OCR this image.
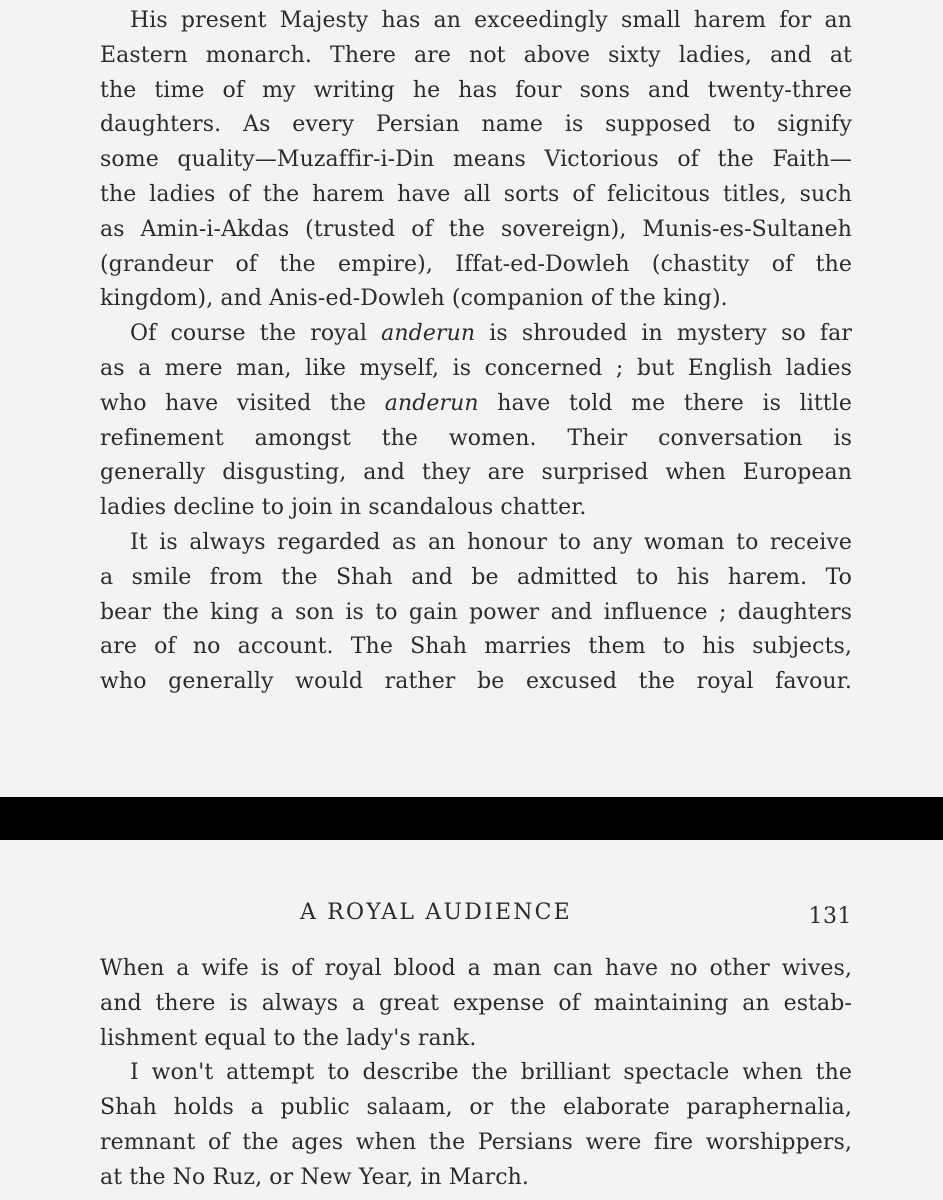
His present Majesty has an exceedingly small harem for an
Eastern monarch. There are not above sixty ladies, and at
the time of my writing he has four sons and twenty-three
daughters. As every Persian name is supposed to signify
some quality—Muzaffir-i-Din means Victorious of the Faith—
the ladies of the harem have all sorts of felicitous titles, such
as Amin-i-Akdas (trusted of the sovereign), Munis-es-Sultaneh
(grandeur of the empire), Iffat-ed-Dowleh (chastity of the
kingdom), and Anis-ed-Dowleh (companion of the king).
Of course the royal anderun is shrouded in mystery so far
as a mere man, like myself, is concerned ; but English ladies
who have visited the anderun have told me there is little
refinement amongst the women. Their conversation is
generally disgusting, and they are surprised when European
ladies decline to join in scandalous chatter.
It is always regarded as an honour to any woman to receive
a smile from the Shah and be admitted to his harem. To
bear the king a son is to gain power and influence ; daughters
are of no account. The Shah marries them to his subjects,
who generally would rather be excused the royal favour.
A ROYAL AUDIENCE	131
When a wife is of royal blood a man can have no other wives,
and there is always a great expense of maintaining an estab-
lishment equal to the lady's rank.
I won't attempt to describe the brilliant spectacle when the
Shah holds a public salaam, or the elaborate paraphernalia,
remnant of the ages when the Persians were fire worshippers,
at the No Ruz, or New Year, in March.
